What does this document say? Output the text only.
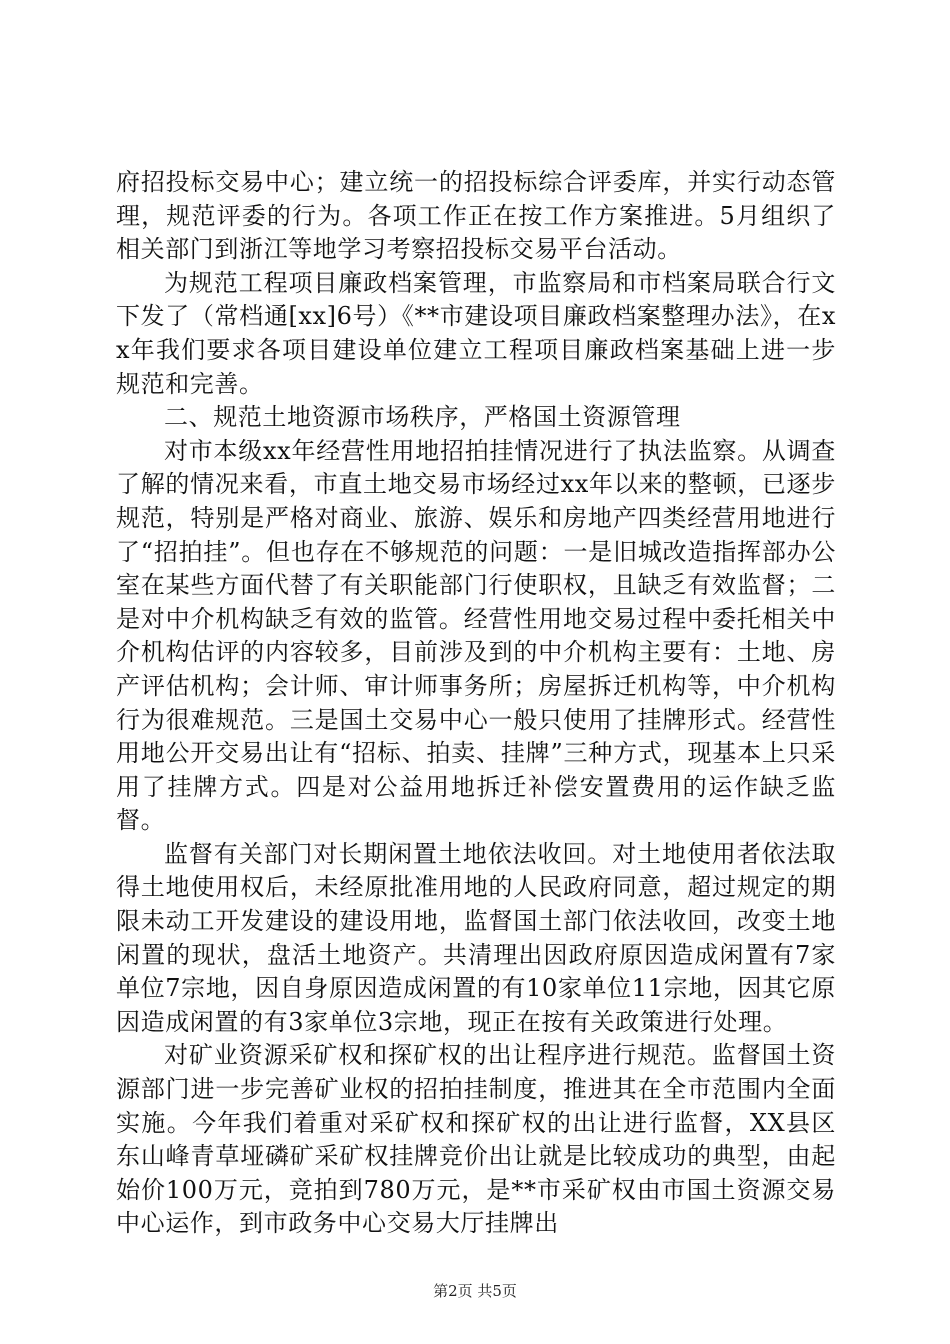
府招投标交易中心；建立统一的招投标综合评委库，并实行动态管理，规范评委的行为。各项工作正在按工作方案推进。5月组织了相关部门到浙江等地学习考察招投标交易平台活动。

为规范工程项目廉政档案管理，市监察局和市档案局联合行文下发了（常档通[xx]6号）《**市建设项目廉政档案整理办法》，在xx年我们要求各项目建设单位建立工程项目廉政档案基础上进一步规范和完善。

二、规范土地资源市场秩序，严格国土资源管理

对市本级xx年经营性用地招拍挂情况进行了执法监察。从调查了解的情况来看，市直土地交易市场经过xx年以来的整顿，已逐步规范，特别是严格对商业、旅游、娱乐和房地产四类经营用地进行了“招拍挂”。但也存在不够规范的问题：一是旧城改造指挥部办公室在某些方面代替了有关职能部门行使职权，且缺乏有效监督；二是对中介机构缺乏有效的监管。经营性用地交易过程中委托相关中介机构估评的内容较多，目前涉及到的中介机构主要有：土地、房产评估机构；会计师、审计师事务所；房屋拆迁机构等，中介机构行为很难规范。三是国土交易中心一般只使用了挂牌形式。经营性用地公开交易出让有“招标、拍卖、挂牌”三种方式，现基本上只采用了挂牌方式。四是对公益用地拆迁补偿安置费用的运作缺乏监督。

监督有关部门对长期闲置土地依法收回。对土地使用者依法取得土地使用权后，未经原批准用地的人民政府同意，超过规定的期限未动工开发建设的建设用地，监督国土部门依法收回，改变土地闲置的现状，盘活土地资产。共清理出因政府原因造成闲置有7家单位7宗地，因自身原因造成闲置的有10家单位11宗地，因其它原因造成闲置的有3家单位3宗地，现正在按有关政策进行处理。

对矿业资源采矿权和探矿权的出让程序进行规范。监督国土资源部门进一步完善矿业权的招拍挂制度，推进其在全市范围内全面实施。今年我们着重对采矿权和探矿权的出让进行监督，XX县区东山峰青草垭磷矿采矿权挂牌竞价出让就是比较成功的典型，由起始价100万元，竞拍到780万元，是**市采矿权由市国土资源交易中心运作，到市政务中心交易大厅挂牌出

第2页 共5页
